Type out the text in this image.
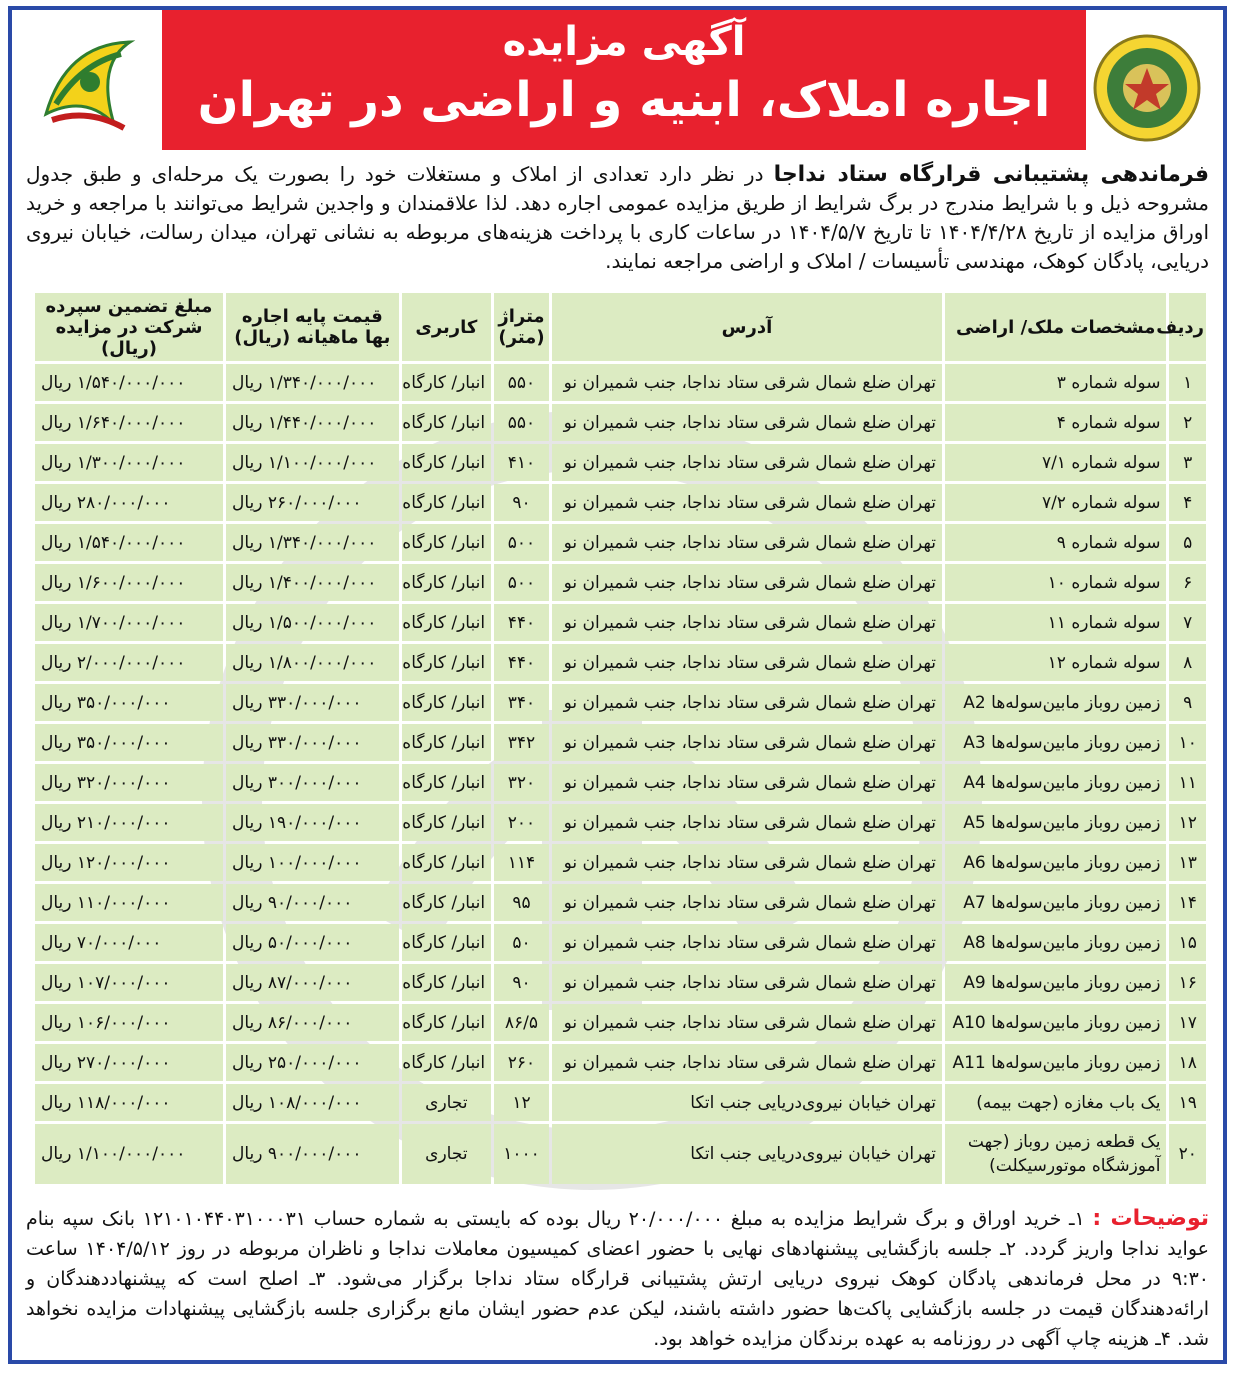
آگهی مزایده
اجاره املاک، ابنیه و اراضی در تهران
فرماندهی پشتیبانی قرارگاه ستاد نداجا در نظر دارد تعدادی از املاک و مستغلات خود را بصورت یک مرحله‌ای و طبق جدول مشروحه ذیل و با شرایط مندرج در برگ شرایط از طریق مزایده عمومی اجاره دهد. لذا علاقمندان و واجدین شرایط می‌توانند با مراجعه و خرید اوراق مزایده از تاریخ ۱۴۰۴/۴/۲۸ تا تاریخ ۱۴۰۴/۵/۷ در ساعات کاری با پرداخت هزینه‌های مربوطه به نشانی تهران، میدان رسالت، خیابان نیروی دریایی، پادگان کوهک، مهندسی تأسیسات / املاک و اراضی مراجعه نمایند.
ردیف	مشخصات ملک/ اراضی	آدرس	متراژ (متر)	کاربری	قیمت پایه اجاره بها ماهیانه (ریال)	مبلغ تضمین سپرده شرکت در مزایده (ریال)
۱	سوله شماره ۳	تهران ضلع شمال شرقی ستاد نداجا، جنب شمیران نو	۵۵۰	انبار/ کارگاه	۱/۳۴۰/۰۰۰/۰۰۰ ریال	۱/۵۴۰/۰۰۰/۰۰۰ ریال
۲	سوله شماره ۴	تهران ضلع شمال شرقی ستاد نداجا، جنب شمیران نو	۵۵۰	انبار/ کارگاه	۱/۴۴۰/۰۰۰/۰۰۰ ریال	۱/۶۴۰/۰۰۰/۰۰۰ ریال
۳	سوله شماره ۷/۱	تهران ضلع شمال شرقی ستاد نداجا، جنب شمیران نو	۴۱۰	انبار/ کارگاه	۱/۱۰۰/۰۰۰/۰۰۰ ریال	۱/۳۰۰/۰۰۰/۰۰۰ ریال
۴	سوله شماره ۷/۲	تهران ضلع شمال شرقی ستاد نداجا، جنب شمیران نو	۹۰	انبار/ کارگاه	۲۶۰/۰۰۰/۰۰۰ ریال	۲۸۰/۰۰۰/۰۰۰ ریال
۵	سوله شماره ۹	تهران ضلع شمال شرقی ستاد نداجا، جنب شمیران نو	۵۰۰	انبار/ کارگاه	۱/۳۴۰/۰۰۰/۰۰۰ ریال	۱/۵۴۰/۰۰۰/۰۰۰ ریال
۶	سوله شماره ۱۰	تهران ضلع شمال شرقی ستاد نداجا، جنب شمیران نو	۵۰۰	انبار/ کارگاه	۱/۴۰۰/۰۰۰/۰۰۰ ریال	۱/۶۰۰/۰۰۰/۰۰۰ ریال
۷	سوله شماره ۱۱	تهران ضلع شمال شرقی ستاد نداجا، جنب شمیران نو	۴۴۰	انبار/ کارگاه	۱/۵۰۰/۰۰۰/۰۰۰ ریال	۱/۷۰۰/۰۰۰/۰۰۰ ریال
۸	سوله شماره ۱۲	تهران ضلع شمال شرقی ستاد نداجا، جنب شمیران نو	۴۴۰	انبار/ کارگاه	۱/۸۰۰/۰۰۰/۰۰۰ ریال	۲/۰۰۰/۰۰۰/۰۰۰ ریال
۹	زمین روباز مابین‌سوله‌ها A2	تهران ضلع شمال شرقی ستاد نداجا، جنب شمیران نو	۳۴۰	انبار/ کارگاه	۳۳۰/۰۰۰/۰۰۰ ریال	۳۵۰/۰۰۰/۰۰۰ ریال
۱۰	زمین روباز مابین‌سوله‌ها A3	تهران ضلع شمال شرقی ستاد نداجا، جنب شمیران نو	۳۴۲	انبار/ کارگاه	۳۳۰/۰۰۰/۰۰۰ ریال	۳۵۰/۰۰۰/۰۰۰ ریال
۱۱	زمین روباز مابین‌سوله‌ها A4	تهران ضلع شمال شرقی ستاد نداجا، جنب شمیران نو	۳۲۰	انبار/ کارگاه	۳۰۰/۰۰۰/۰۰۰ ریال	۳۲۰/۰۰۰/۰۰۰ ریال
۱۲	زمین روباز مابین‌سوله‌ها A5	تهران ضلع شمال شرقی ستاد نداجا، جنب شمیران نو	۲۰۰	انبار/ کارگاه	۱۹۰/۰۰۰/۰۰۰ ریال	۲۱۰/۰۰۰/۰۰۰ ریال
۱۳	زمین روباز مابین‌سوله‌ها A6	تهران ضلع شمال شرقی ستاد نداجا، جنب شمیران نو	۱۱۴	انبار/ کارگاه	۱۰۰/۰۰۰/۰۰۰ ریال	۱۲۰/۰۰۰/۰۰۰ ریال
۱۴	زمین روباز مابین‌سوله‌ها A7	تهران ضلع شمال شرقی ستاد نداجا، جنب شمیران نو	۹۵	انبار/ کارگاه	۹۰/۰۰۰/۰۰۰ ریال	۱۱۰/۰۰۰/۰۰۰ ریال
۱۵	زمین روباز مابین‌سوله‌ها A8	تهران ضلع شمال شرقی ستاد نداجا، جنب شمیران نو	۵۰	انبار/ کارگاه	۵۰/۰۰۰/۰۰۰ ریال	۷۰/۰۰۰/۰۰۰ ریال
۱۶	زمین روباز مابین‌سوله‌ها A9	تهران ضلع شمال شرقی ستاد نداجا، جنب شمیران نو	۹۰	انبار/ کارگاه	۸۷/۰۰۰/۰۰۰ ریال	۱۰۷/۰۰۰/۰۰۰ ریال
۱۷	زمین روباز مابین‌سوله‌ها A10	تهران ضلع شمال شرقی ستاد نداجا، جنب شمیران نو	۸۶/۵	انبار/ کارگاه	۸۶/۰۰۰/۰۰۰ ریال	۱۰۶/۰۰۰/۰۰۰ ریال
۱۸	زمین روباز مابین‌سوله‌ها A11	تهران ضلع شمال شرقی ستاد نداجا، جنب شمیران نو	۲۶۰	انبار/ کارگاه	۲۵۰/۰۰۰/۰۰۰ ریال	۲۷۰/۰۰۰/۰۰۰ ریال
۱۹	یک باب مغازه (جهت بیمه)	تهران خیابان نیروی‌دریایی جنب اتکا	۱۲	تجاری	۱۰۸/۰۰۰/۰۰۰ ریال	۱۱۸/۰۰۰/۰۰۰ ریال
۲۰	یک قطعه زمین روباز (جهت آموزشگاه موتورسیکلت)	تهران خیابان نیروی‌دریایی جنب اتکا	۱۰۰۰	تجاری	۹۰۰/۰۰۰/۰۰۰ ریال	۱/۱۰۰/۰۰۰/۰۰۰ ریال
توضیحات : ۱ـ خرید اوراق و برگ شرایط مزایده به مبلغ ۲۰/۰۰۰/۰۰۰ ریال بوده که بایستی به شماره حساب ۱۲۱۰۱۰۴۴۰۳۱۰۰۰۳۱ بانک سپه بنام عواید نداجا واریز گردد. ۲ـ جلسه بازگشایی پیشنهادهای نهایی با حضور اعضای کمیسیون معاملات نداجا و ناظران مربوطه در روز ۱۴۰۴/۵/۱۲ ساعت ۹:۳۰ در محل فرماندهی پادگان کوهک نیروی دریایی ارتش پشتیبانی قرارگاه ستاد نداجا برگزار می‌شود. ۳ـ اصلح است که پیشنهاددهندگان و ارائه‌دهندگان قیمت در جلسه بازگشایی پاکت‌ها حضور داشته باشند، لیکن عدم حضور ایشان مانع برگزاری جلسه بازگشایی پیشنهادات مزایده نخواهد شد. ۴ـ هزینه چاپ آگهی در روزنامه به عهده برندگان مزایده خواهد بود.
